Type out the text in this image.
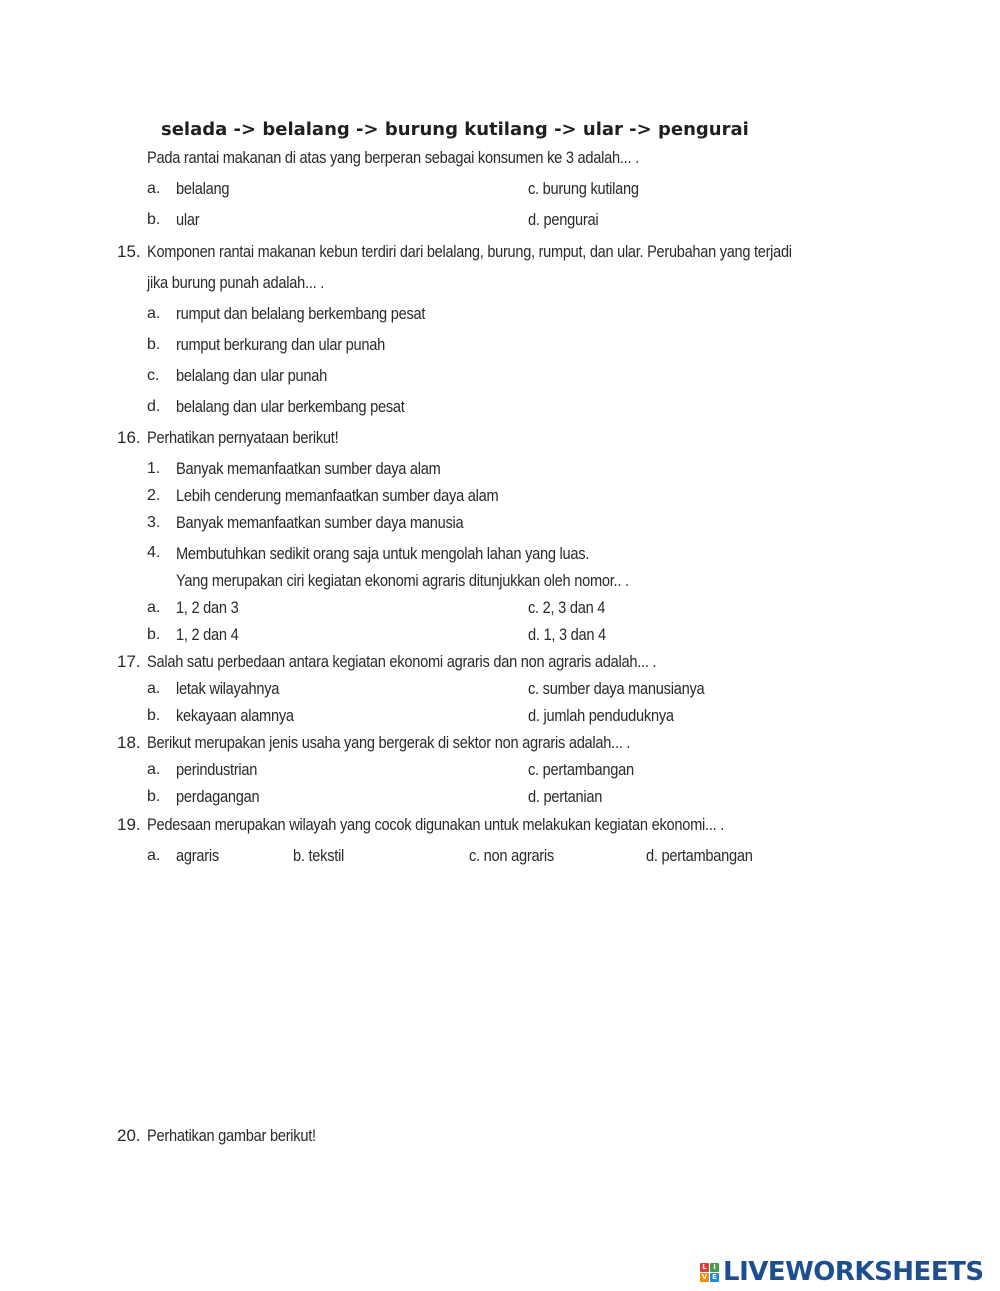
selada -> belalang -> burung kutilang -> ular -> pengurai
Pada rantai makanan di atas yang berperan sebagai konsumen ke 3 adalah... .
a. belalang	c. burung kutilang
b. ular	d. pengurai
15. Komponen rantai makanan kebun terdiri dari belalang, burung, rumput, dan ular. Perubahan yang terjadi
jika burung punah adalah... .
a. rumput dan belalang berkembang pesat
b. rumput berkurang dan ular punah
c. belalang dan ular punah
d. belalang dan ular berkembang pesat
16. Perhatikan pernyataan berikut!
1. Banyak memanfaatkan sumber daya alam
2. Lebih cenderung memanfaatkan sumber daya alam
3. Banyak memanfaatkan sumber daya manusia
4. Membutuhkan sedikit orang saja untuk mengolah lahan yang luas.
Yang merupakan ciri kegiatan ekonomi agraris ditunjukkan oleh nomor.. .
a. 1, 2 dan 3	c. 2, 3 dan 4
b. 1, 2 dan 4	d. 1, 3 dan 4
17. Salah satu perbedaan antara kegiatan ekonomi agraris dan non agraris adalah... .
a. letak wilayahnya	c. sumber daya manusianya
b. kekayaan alamnya	d. jumlah penduduknya
18. Berikut merupakan jenis usaha yang bergerak di sektor non agraris adalah... .
a. perindustrian	c. pertambangan
b. perdagangan	d. pertanian
19. Pedesaan merupakan wilayah yang cocok digunakan untuk melakukan kegiatan ekonomi... .
a. agraris	b. tekstil	c. non agraris	d. pertambangan
20. Perhatikan gambar berikut!
L I
V E LIVEWORKSHEETS
